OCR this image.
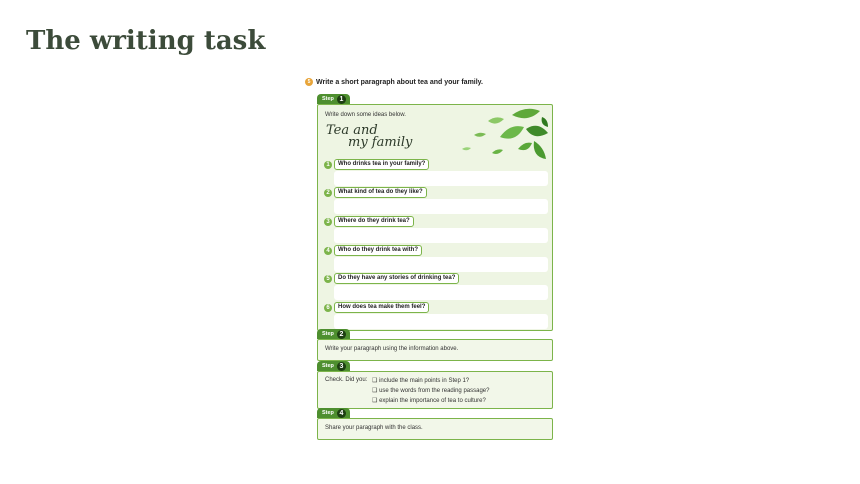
The writing task
5 Write a short paragraph about tea and your family.
Step 1
Write down some ideas below.
Tea and
my family
1	Who drinks tea in your family?
2	What kind of tea do they like?
3	Where do they drink tea?
4	Who do they drink tea with?
5	Do they have any stories of drinking tea?
6	How does tea make them feel?
Step 2
Write your paragraph using the information above.
Step 3
Check. Did you: ❑ include the main points in Step 1?
❑ use the words from the reading passage?
❑ explain the importance of tea to culture?
Step 4
Share your paragraph with the class.
